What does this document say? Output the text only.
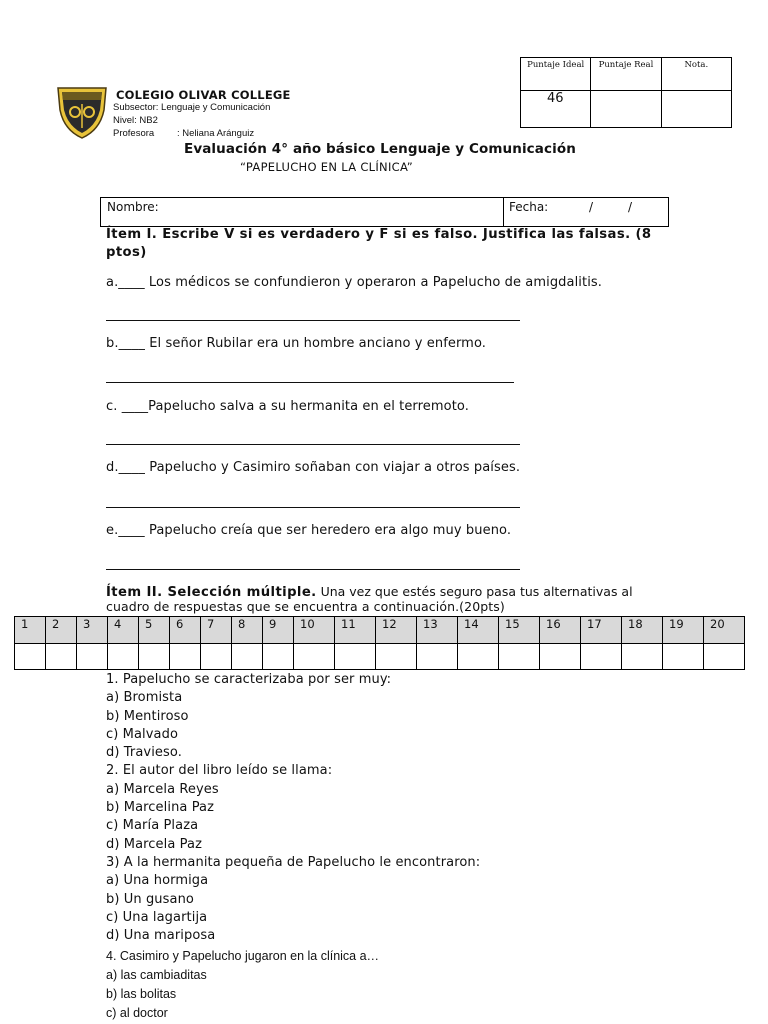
COLEGIO OLIVAR COLLEGE
Subsector: Lenguaje y Comunicación
Nivel: NB2
Profesora : Neliana Aránguiz
Puntaje Ideal	Puntaje Real	Nota.
46		
Evaluación 4° año básico Lenguaje y Comunicación
“PAPELUCHO EN LA CLÍNICA”
Nombre:	Fecha:	/	/
Ítem I. Escribe V si es verdadero y F si es falso. Justifica las falsas. (8 ptos)
a.____ Los médicos se confundieron y operaron a Papelucho de amigdalitis.
b.____ El señor Rubilar era un hombre anciano y enfermo.
c. ____Papelucho salva a su hermanita en el terremoto.
d.____ Papelucho y Casimiro soñaban con viajar a otros países.
e.____ Papelucho creía que ser heredero era algo muy bueno.
Ítem II. Selección múltiple. Una vez que estés seguro pasa tus alternativas al
cuadro de respuestas que se encuentra a continuación.(20pts)
1	2	3	4	5	6	7	8	9	10	11	12	13	14	15	16	17	18	19	20

1. Papelucho se caracterizaba por ser muy:
a) Bromista
b) Mentiroso
c) Malvado
d) Travieso.
2. El autor del libro leído se llama:
a) Marcela Reyes
b) Marcelina Paz
c) María Plaza
d) Marcela Paz
3) A la hermanita pequeña de Papelucho le encontraron:
a) Una hormiga
b) Un gusano
c) Una lagartija
d) Una mariposa
4. Casimiro y Papelucho jugaron en la clínica a…
a) las cambiaditas
b) las bolitas
c) al doctor
